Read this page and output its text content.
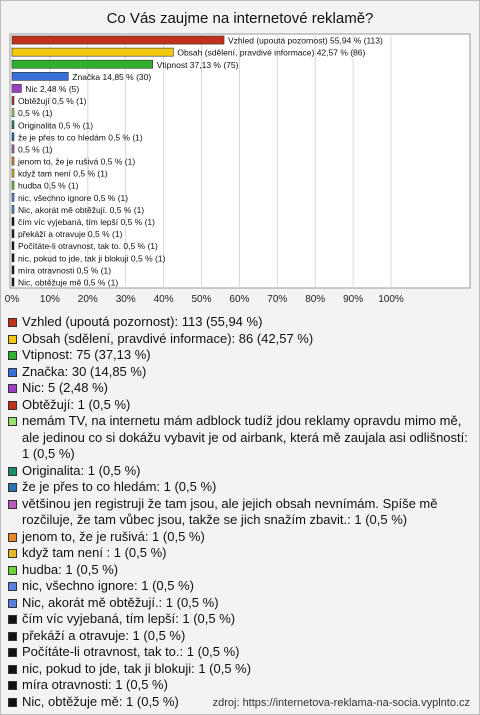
Co Vás zaujme na internetové reklamě?
0% 10% 20% 30% 40% 50% 60% 70% 80% 90% 100%
Vzhled (upoutá pozornost) 55,94 % (113)
Obsah (sdělení, pravdivé informace) 42,57 % (86)
Vtipnost 37,13 % (75)
Značka 14,85 % (30)
Nic 2,48 % (5)
Obtěžují 0,5 % (1)
0,5 % (1)
Originalita 0,5 % (1)
že je přes to co hledám 0,5 % (1)
0,5 % (1)
jenom to, že je rušivá 0,5 % (1)
když tam není 0,5 % (1)
hudba 0,5 % (1)
nic, všechno ignore 0,5 % (1)
Nic, akorát mě obtěžují. 0,5 % (1)
čím víc vyjebaná, tím lepší 0,5 % (1)
překáží a otravuje 0,5 % (1)
Počítáte-li otravnost, tak to. 0,5 % (1)
nic, pokud to jde, tak ji blokuji 0,5 % (1)
míra otravnosti 0,5 % (1)
Nic, obtěžuje mě 0,5 % (1)
Vzhled (upoutá pozornost): 113 (55,94 %)
Obsah (sdělení, pravdivé informace): 86 (42,57 %)
Vtipnost: 75 (37,13 %)
Značka: 30 (14,85 %)
Nic: 5 (2,48 %)
Obtěžují: 1 (0,5 %)
nemám TV, na internetu mám adblock tudíž jdou reklamy opravdu mimo mě, ale jedinou co si dokážu vybavit je od airbank, která mě zaujala asi odlišností: 1 (0,5 %)
Originalita: 1 (0,5 %)
že je přes to co hledám: 1 (0,5 %)
většinou jen registruji že tam jsou, ale jejich obsah nevnímám. Spíše mě rozčiluje, že tam vůbec jsou, takže se jich snažím zbavit.: 1 (0,5 %)
jenom to, že je rušivá: 1 (0,5 %)
když tam není : 1 (0,5 %)
hudba: 1 (0,5 %)
nic, všechno ignore: 1 (0,5 %)
Nic, akorát mě obtěžují.: 1 (0,5 %)
čím víc vyjebaná, tím lepší: 1 (0,5 %)
překáží a otravuje: 1 (0,5 %)
Počítáte-li otravnost, tak to.: 1 (0,5 %)
nic, pokud to jde, tak ji blokuji: 1 (0,5 %)
míra otravnosti: 1 (0,5 %)
Nic, obtěžuje mě: 1 (0,5 %)	zdroj: https://internetova-reklama-na-socia.vyplnto.cz
